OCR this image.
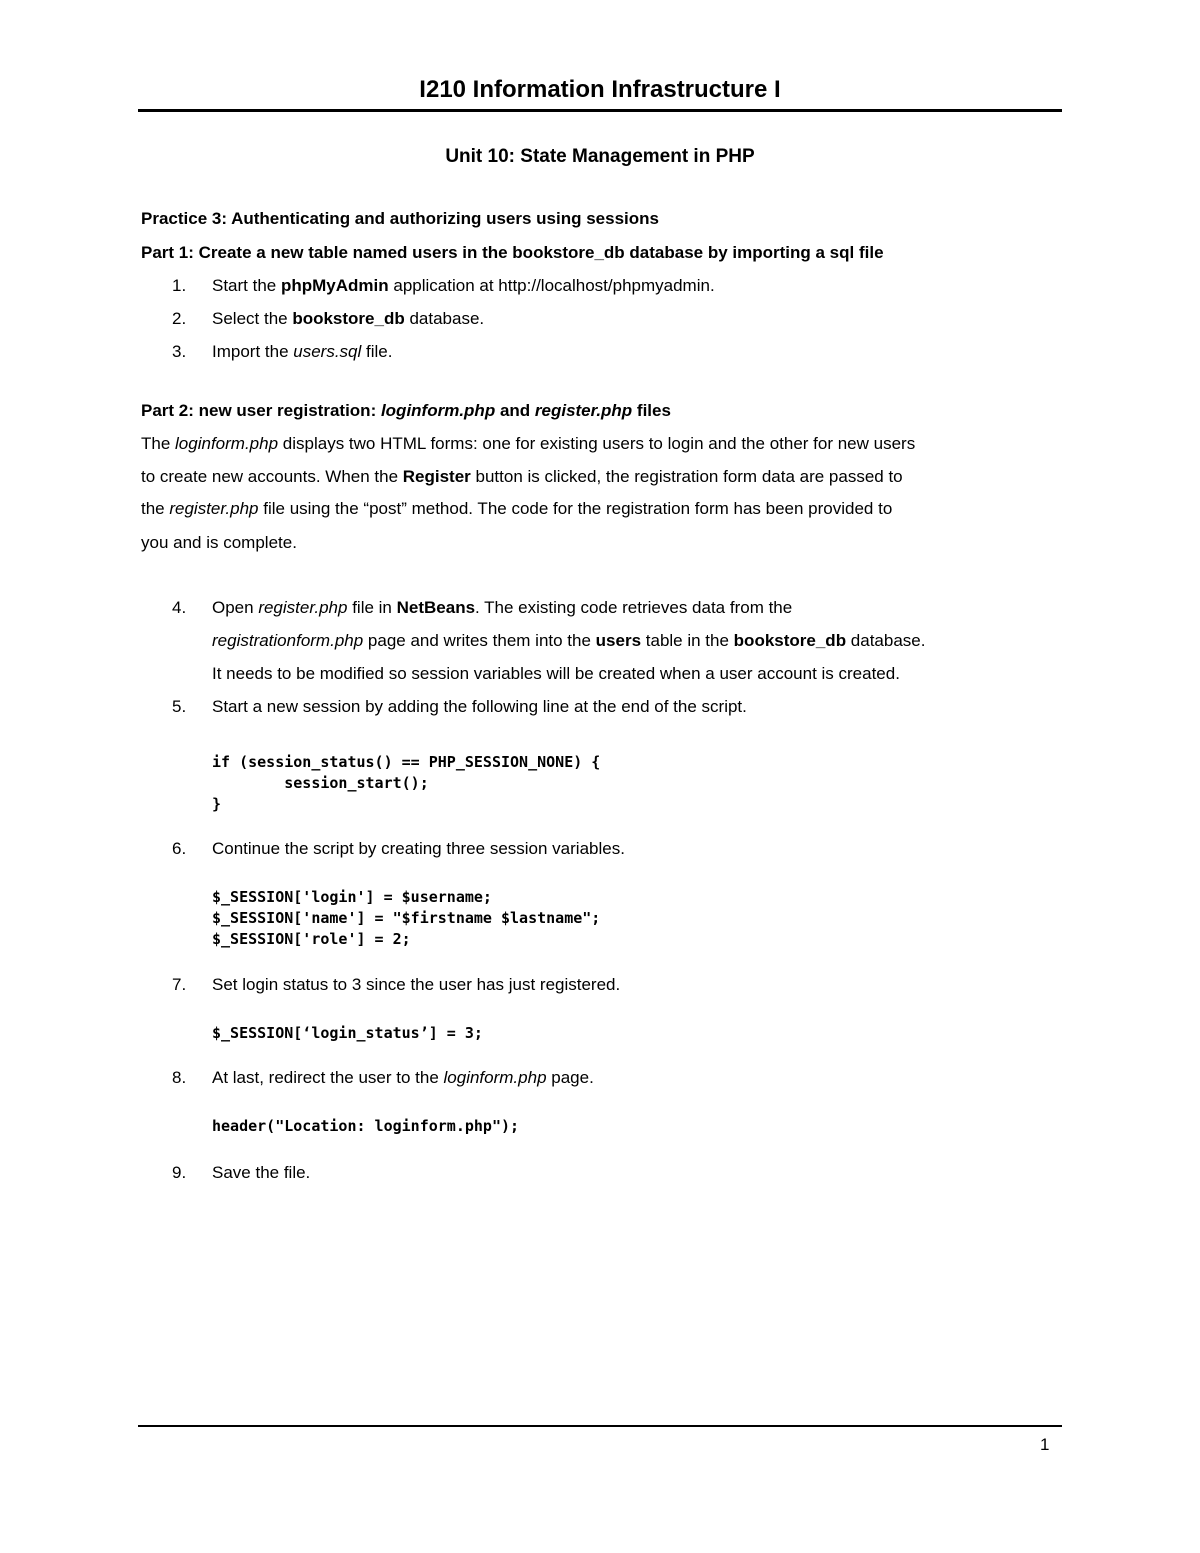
I210 Information Infrastructure I
Unit 10: State Management in PHP
Practice 3: Authenticating and authorizing users using sessions
Part 1: Create a new table named users in the bookstore_db database by importing a sql file
1. Start the phpMyAdmin application at http://localhost/phpmyadmin.
2. Select the bookstore_db database.
3. Import the users.sql file.
Part 2: new user registration: loginform.php and register.php files
The loginform.php displays two HTML forms: one for existing users to login and the other for new users
to create new accounts. When the Register button is clicked, the registration form data are passed to
the register.php file using the “post” method. The code for the registration form has been provided to
you and is complete.
4. Open register.php file in NetBeans. The existing code retrieves data from the
registrationform.php page and writes them into the users table in the bookstore_db database.
It needs to be modified so session variables will be created when a user account is created.
5. Start a new session by adding the following line at the end of the script.
if (session_status() == PHP_SESSION_NONE) {
session_start();
}
6. Continue the script by creating three session variables.
$_SESSION['login'] = $username;
$_SESSION['name'] = "$firstname $lastname";
$_SESSION['role'] = 2;
7. Set login status to 3 since the user has just registered.
$_SESSION[‘login_status’] = 3;
8. At last, redirect the user to the loginform.php page.
header("Location: loginform.php");
9. Save the file.
1
